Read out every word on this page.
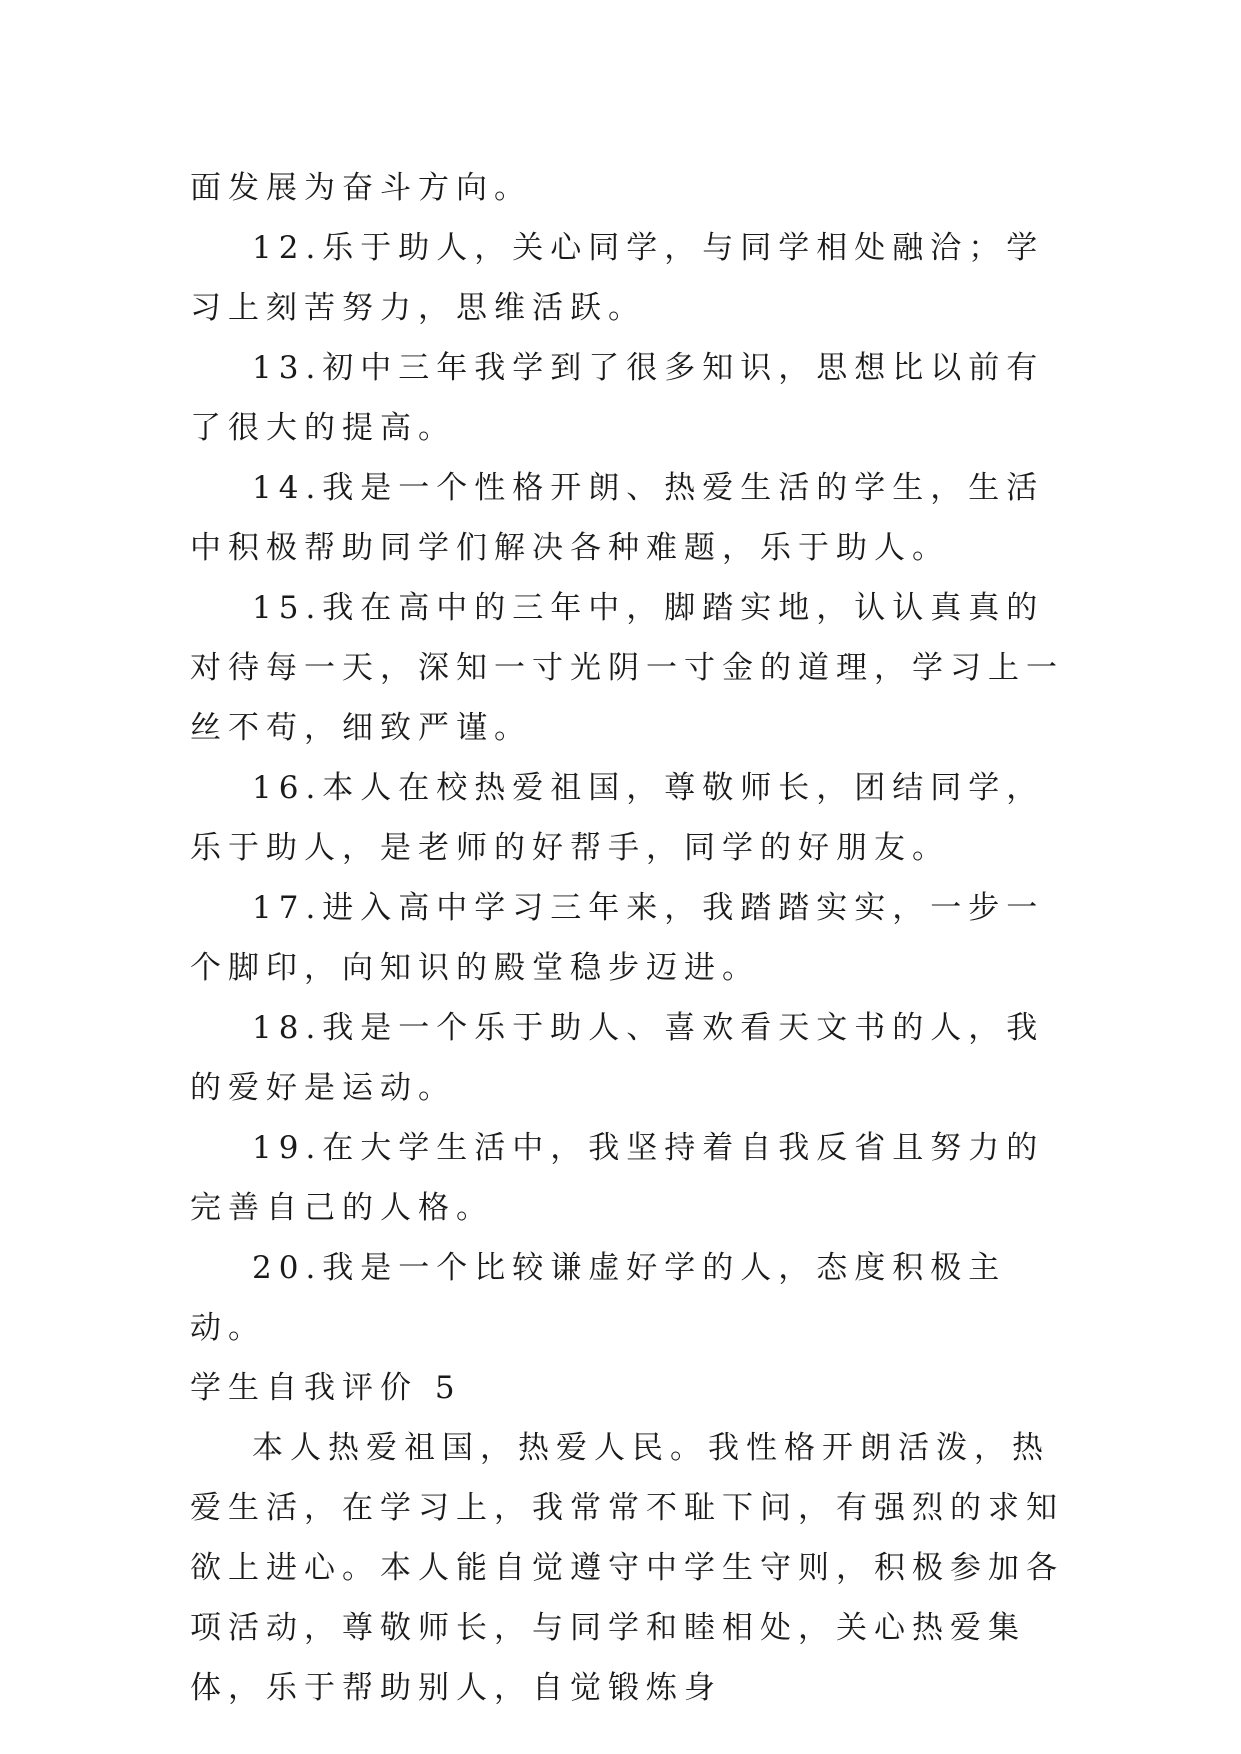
面发展为奋斗方向。

12.乐于助人，关心同学，与同学相处融洽；学习上刻苦努力，思维活跃。

13.初中三年我学到了很多知识，思想比以前有了很大的提高。

14.我是一个性格开朗、热爱生活的学生，生活中积极帮助同学们解决各种难题，乐于助人。

15.我在高中的三年中，脚踏实地，认认真真的对待每一天，深知一寸光阴一寸金的道理，学习上一丝不苟，细致严谨。

16.本人在校热爱祖国，尊敬师长，团结同学，乐于助人，是老师的好帮手，同学的好朋友。

17.进入高中学习三年来，我踏踏实实，一步一个脚印，向知识的殿堂稳步迈进。

18.我是一个乐于助人、喜欢看天文书的人，我的爱好是运动。

19.在大学生活中，我坚持着自我反省且努力的完善自己的人格。

20.我是一个比较谦虚好学的人，态度积极主动。

学生自我评价 5

本人热爱祖国，热爱人民。我性格开朗活泼，热爱生活，在学习上，我常常不耻下问，有强烈的求知欲上进心。本人能自觉遵守中学生守则，积极参加各项活动，尊敬师长，与同学和睦相处，关心热爱集体，乐于帮助别人，自觉锻炼身
